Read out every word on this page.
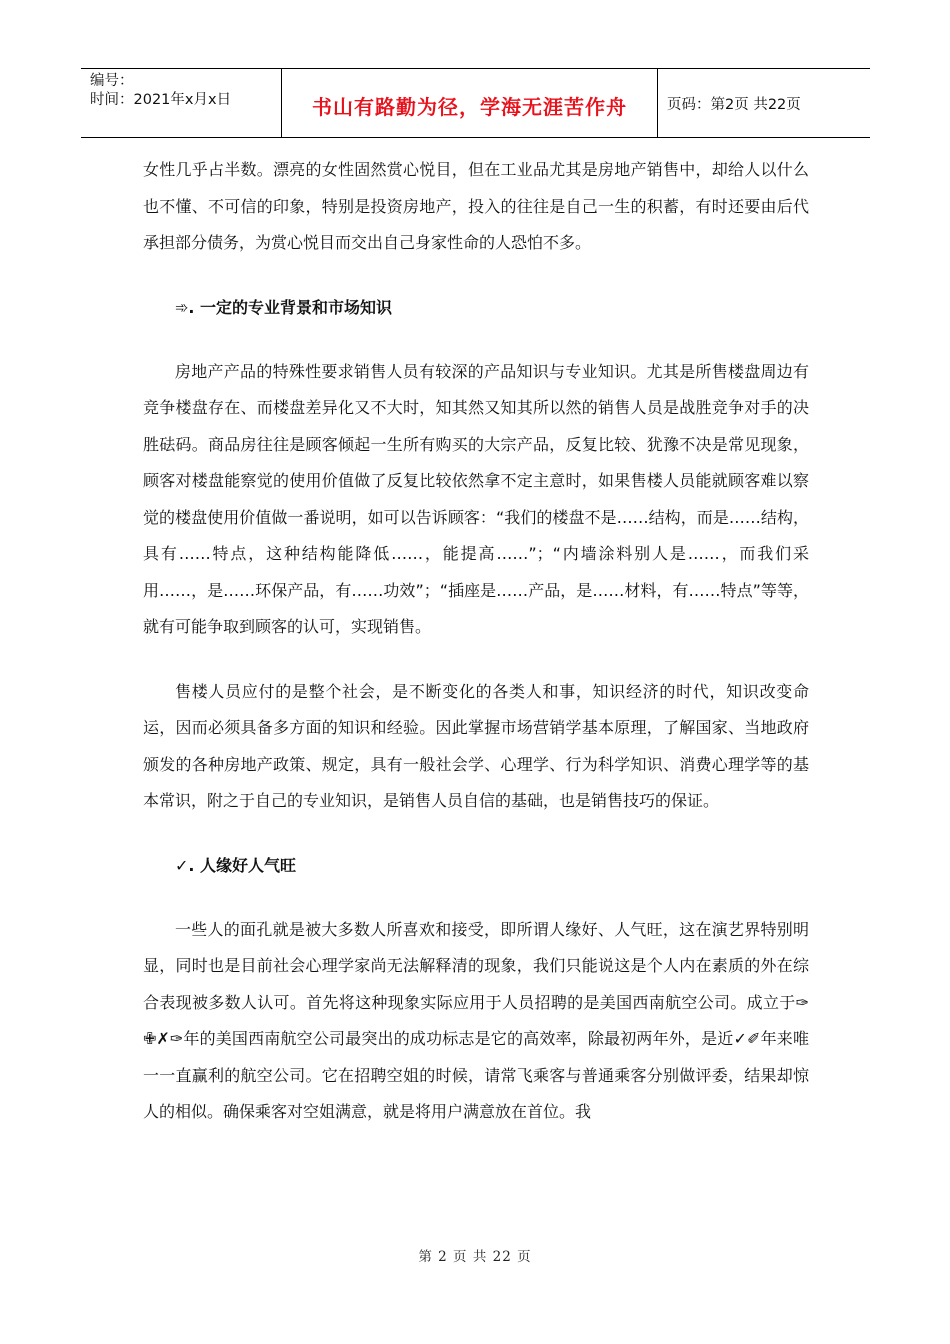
编号：
时间：2021年x月x日	书山有路勤为径，学海无涯苦作舟	页码：第2页 共22页

女性几乎占半数。漂亮的女性固然赏心悦目，但在工业品尤其是房地产销售中，却给人以什么也不懂、不可信的印象，特别是投资房地产，投入的往往是自己一生的积蓄，有时还要由后代承担部分债务，为赏心悦目而交出自己身家性命的人恐怕不多。

➾. 一定的专业背景和市场知识

房地产产品的特殊性要求销售人员有较深的产品知识与专业知识。尤其是所售楼盘周边有竞争楼盘存在、而楼盘差异化又不大时，知其然又知其所以然的销售人员是战胜竞争对手的决胜砝码。商品房往往是顾客倾起一生所有购买的大宗产品，反复比较、犹豫不决是常见现象，顾客对楼盘能察觉的使用价值做了反复比较依然拿不定主意时，如果售楼人员能就顾客难以察觉的楼盘使用价值做一番说明，如可以告诉顾客：“我们的楼盘不是……结构，而是……结构，具有……特点，这种结构能降低……，能提高……”；“内墙涂料别人是……，而我们采用……，是……环保产品，有……功效”；“插座是……产品，是……材料，有……特点”等等，就有可能争取到顾客的认可，实现销售。

售楼人员应付的是整个社会，是不断变化的各类人和事，知识经济的时代，知识改变命运，因而必须具备多方面的知识和经验。因此掌握市场营销学基本原理，了解国家、当地政府颁发的各种房地产政策、规定，具有一般社会学、心理学、行为科学知识、消费心理学等的基本常识，附之于自己的专业知识，是销售人员自信的基础，也是销售技巧的保证。

✓. 人缘好人气旺

一些人的面孔就是被大多数人所喜欢和接受，即所谓人缘好、人气旺，这在演艺界特别明显，同时也是目前社会心理学家尚无法解释清的现象，我们只能说这是个人内在素质的外在综合表现被多数人认可。首先将这种现象实际应用于人员招聘的是美国西南航空公司。成立于✑✙✗✑年的美国西南航空公司最突出的成功标志是它的高效率，除最初两年外，是近✓✐年来唯一一直赢利的航空公司。它在招聘空姐的时候，请常飞乘客与普通乘客分别做评委，结果却惊人的相似。确保乘客对空姐满意，就是将用户满意放在首位。我

第 2 页 共 22 页
